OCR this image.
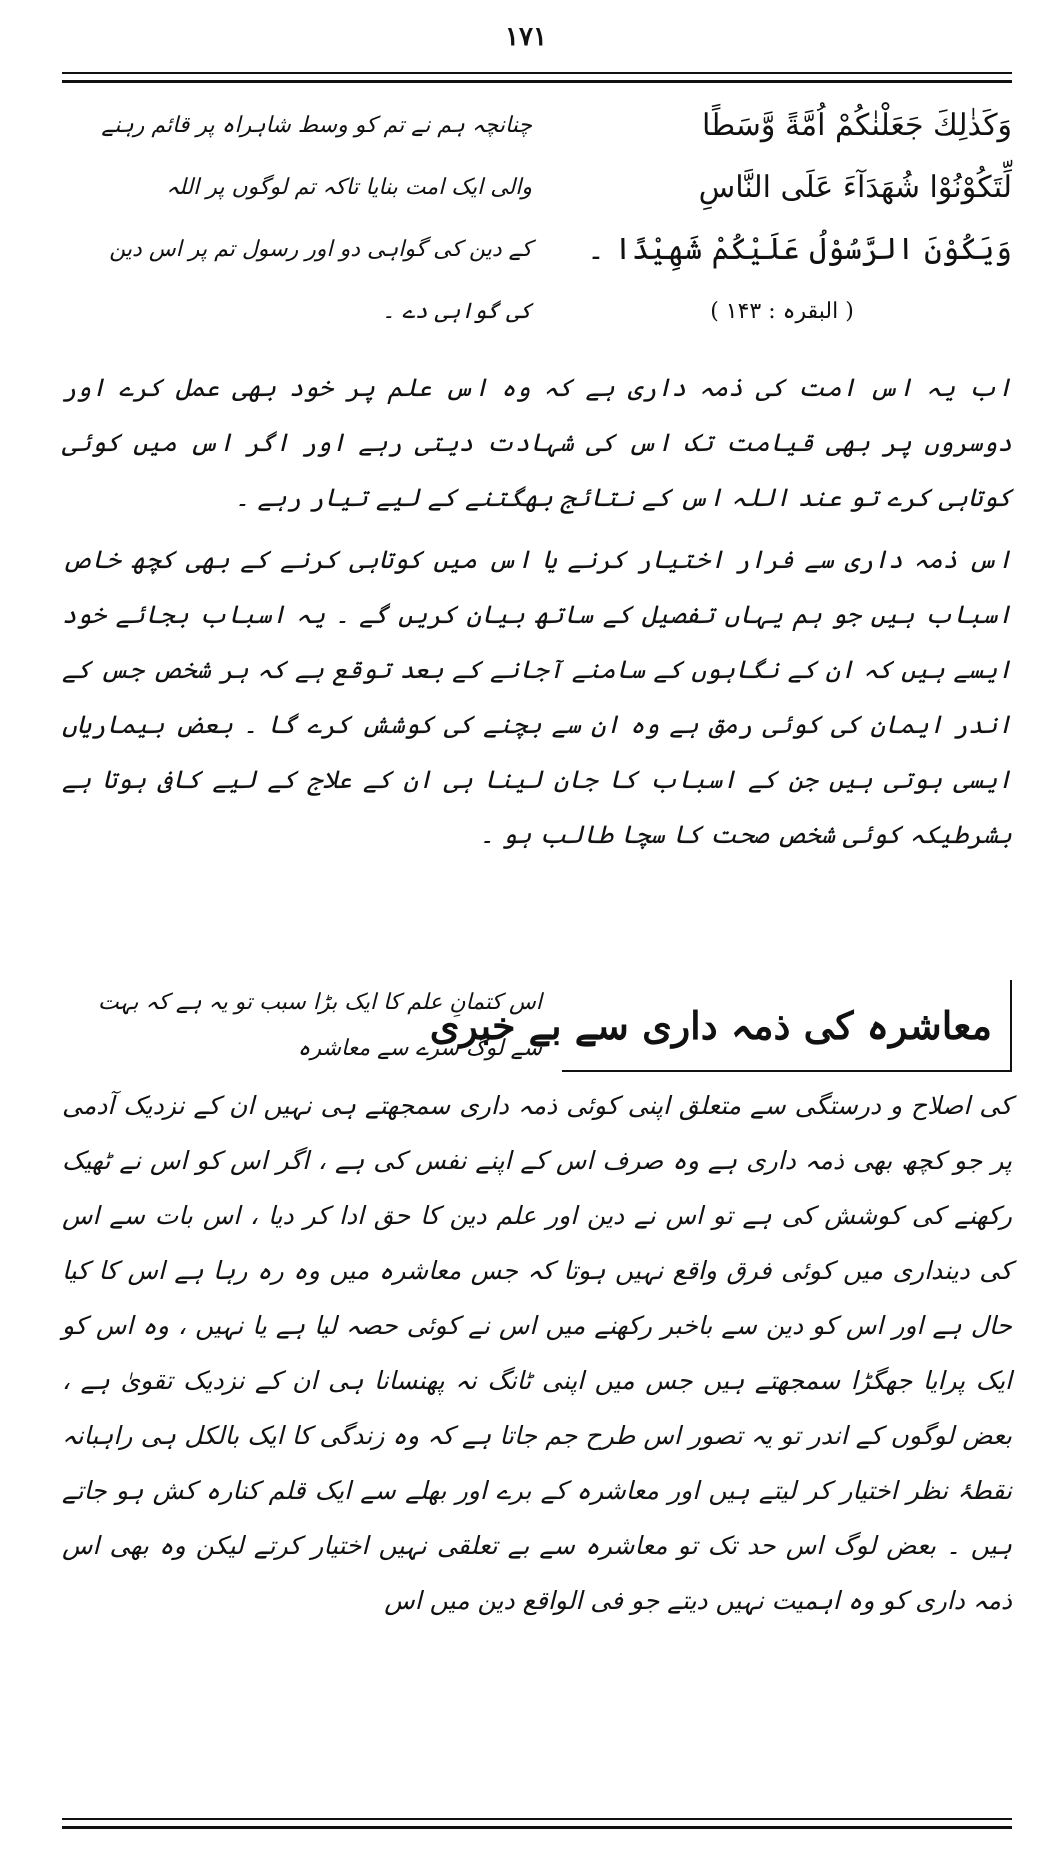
۱۷۱
وَكَذٰلِكَ جَعَلْنٰكُمْ اُمَّةً وَّسَطًا
چنانچہ ہم نے تم کو وسط شاہراہ پر قائم رہنے
لِّتَكُوْنُوْا شُهَدَآءَ عَلَى النَّاسِ
والی ایک امت بنایا تاکہ تم لوگوں پر اللہ
وَيَكُوْنَ الرَّسُوْلُ عَلَيْكُمْ شَهِيْدًا ۔
کے دین کی گواہی دو اور رسول تم پر اس دین
( البقرہ : ۱۴۳ )
کی گواہی دے ۔
اب یہ اس امت کی ذمہ داری ہے کہ وہ اس علم پر خود بھی عمل کرے اور دوسروں پر بھی قیامت تک اس کی شہادت دیتی رہے اور اگر اس میں کوئی کوتاہی کرے تو عند اللہ اس کے نتائج بھگتنے کے لیے تیار رہے ۔
اس ذمہ داری سے فرار اختیار کرنے یا اس میں کوتاہی کرنے کے بھی کچھ خاص اسباب ہیں جو ہم یہاں تفصیل کے ساتھ بیان کریں گے ۔ یہ اسباب بجائے خود ایسے ہیں کہ ان کے نگاہوں کے سامنے آجانے کے بعد توقع ہے کہ ہر شخص جس کے اندر ایمان کی کوئی رمق ہے وہ ان سے بچنے کی کوشش کرے گا ۔ بعض بیماریاں ایسی ہوتی ہیں جن کے اسباب کا جان لینا ہی ان کے علاج کے لیے کافی ہوتا ہے بشرطیکہ کوئی شخص صحت کا سچا طالب ہو ۔
معاشرہ کی ذمہ داری سے بے خبری
اس کتمانِ علم کا ایک بڑا سبب تو یہ ہے کہ بہت سے لوگ سرے سے معاشرہ
کی اصلاح و درستگی سے متعلق اپنی کوئی ذمہ داری سمجھتے ہی نہیں ان کے نزدیک آدمی پر جو کچھ بھی ذمہ داری ہے وہ صرف اس کے اپنے نفس کی ہے ، اگر اس کو اس نے ٹھیک رکھنے کی کوشش کی ہے تو اس نے دین اور علم دین کا حق ادا کر دیا ، اس بات سے اس کی دینداری میں کوئی فرق واقع نہیں ہوتا کہ جس معاشرہ میں وہ رہ رہا ہے اس کا کیا حال ہے اور اس کو دین سے باخبر رکھنے میں اس نے کوئی حصہ لیا ہے یا نہیں ، وہ اس کو ایک پرایا جھگڑا سمجھتے ہیں جس میں اپنی ٹانگ نہ پھنسانا ہی ان کے نزدیک تقویٰ ہے ، بعض لوگوں کے اندر تو یہ تصور اس طرح جم جاتا ہے کہ وہ زندگی کا ایک بالکل ہی راہبانہ نقطۂ نظر اختیار کر لیتے ہیں اور معاشرہ کے برے اور بھلے سے ایک قلم کنارہ کش ہو جاتے ہیں ۔ بعض لوگ اس حد تک تو معاشرہ سے بے تعلقی نہیں اختیار کرتے لیکن وہ بھی اس ذمہ داری کو وہ اہمیت نہیں دیتے جو فی الواقع دین میں اس
